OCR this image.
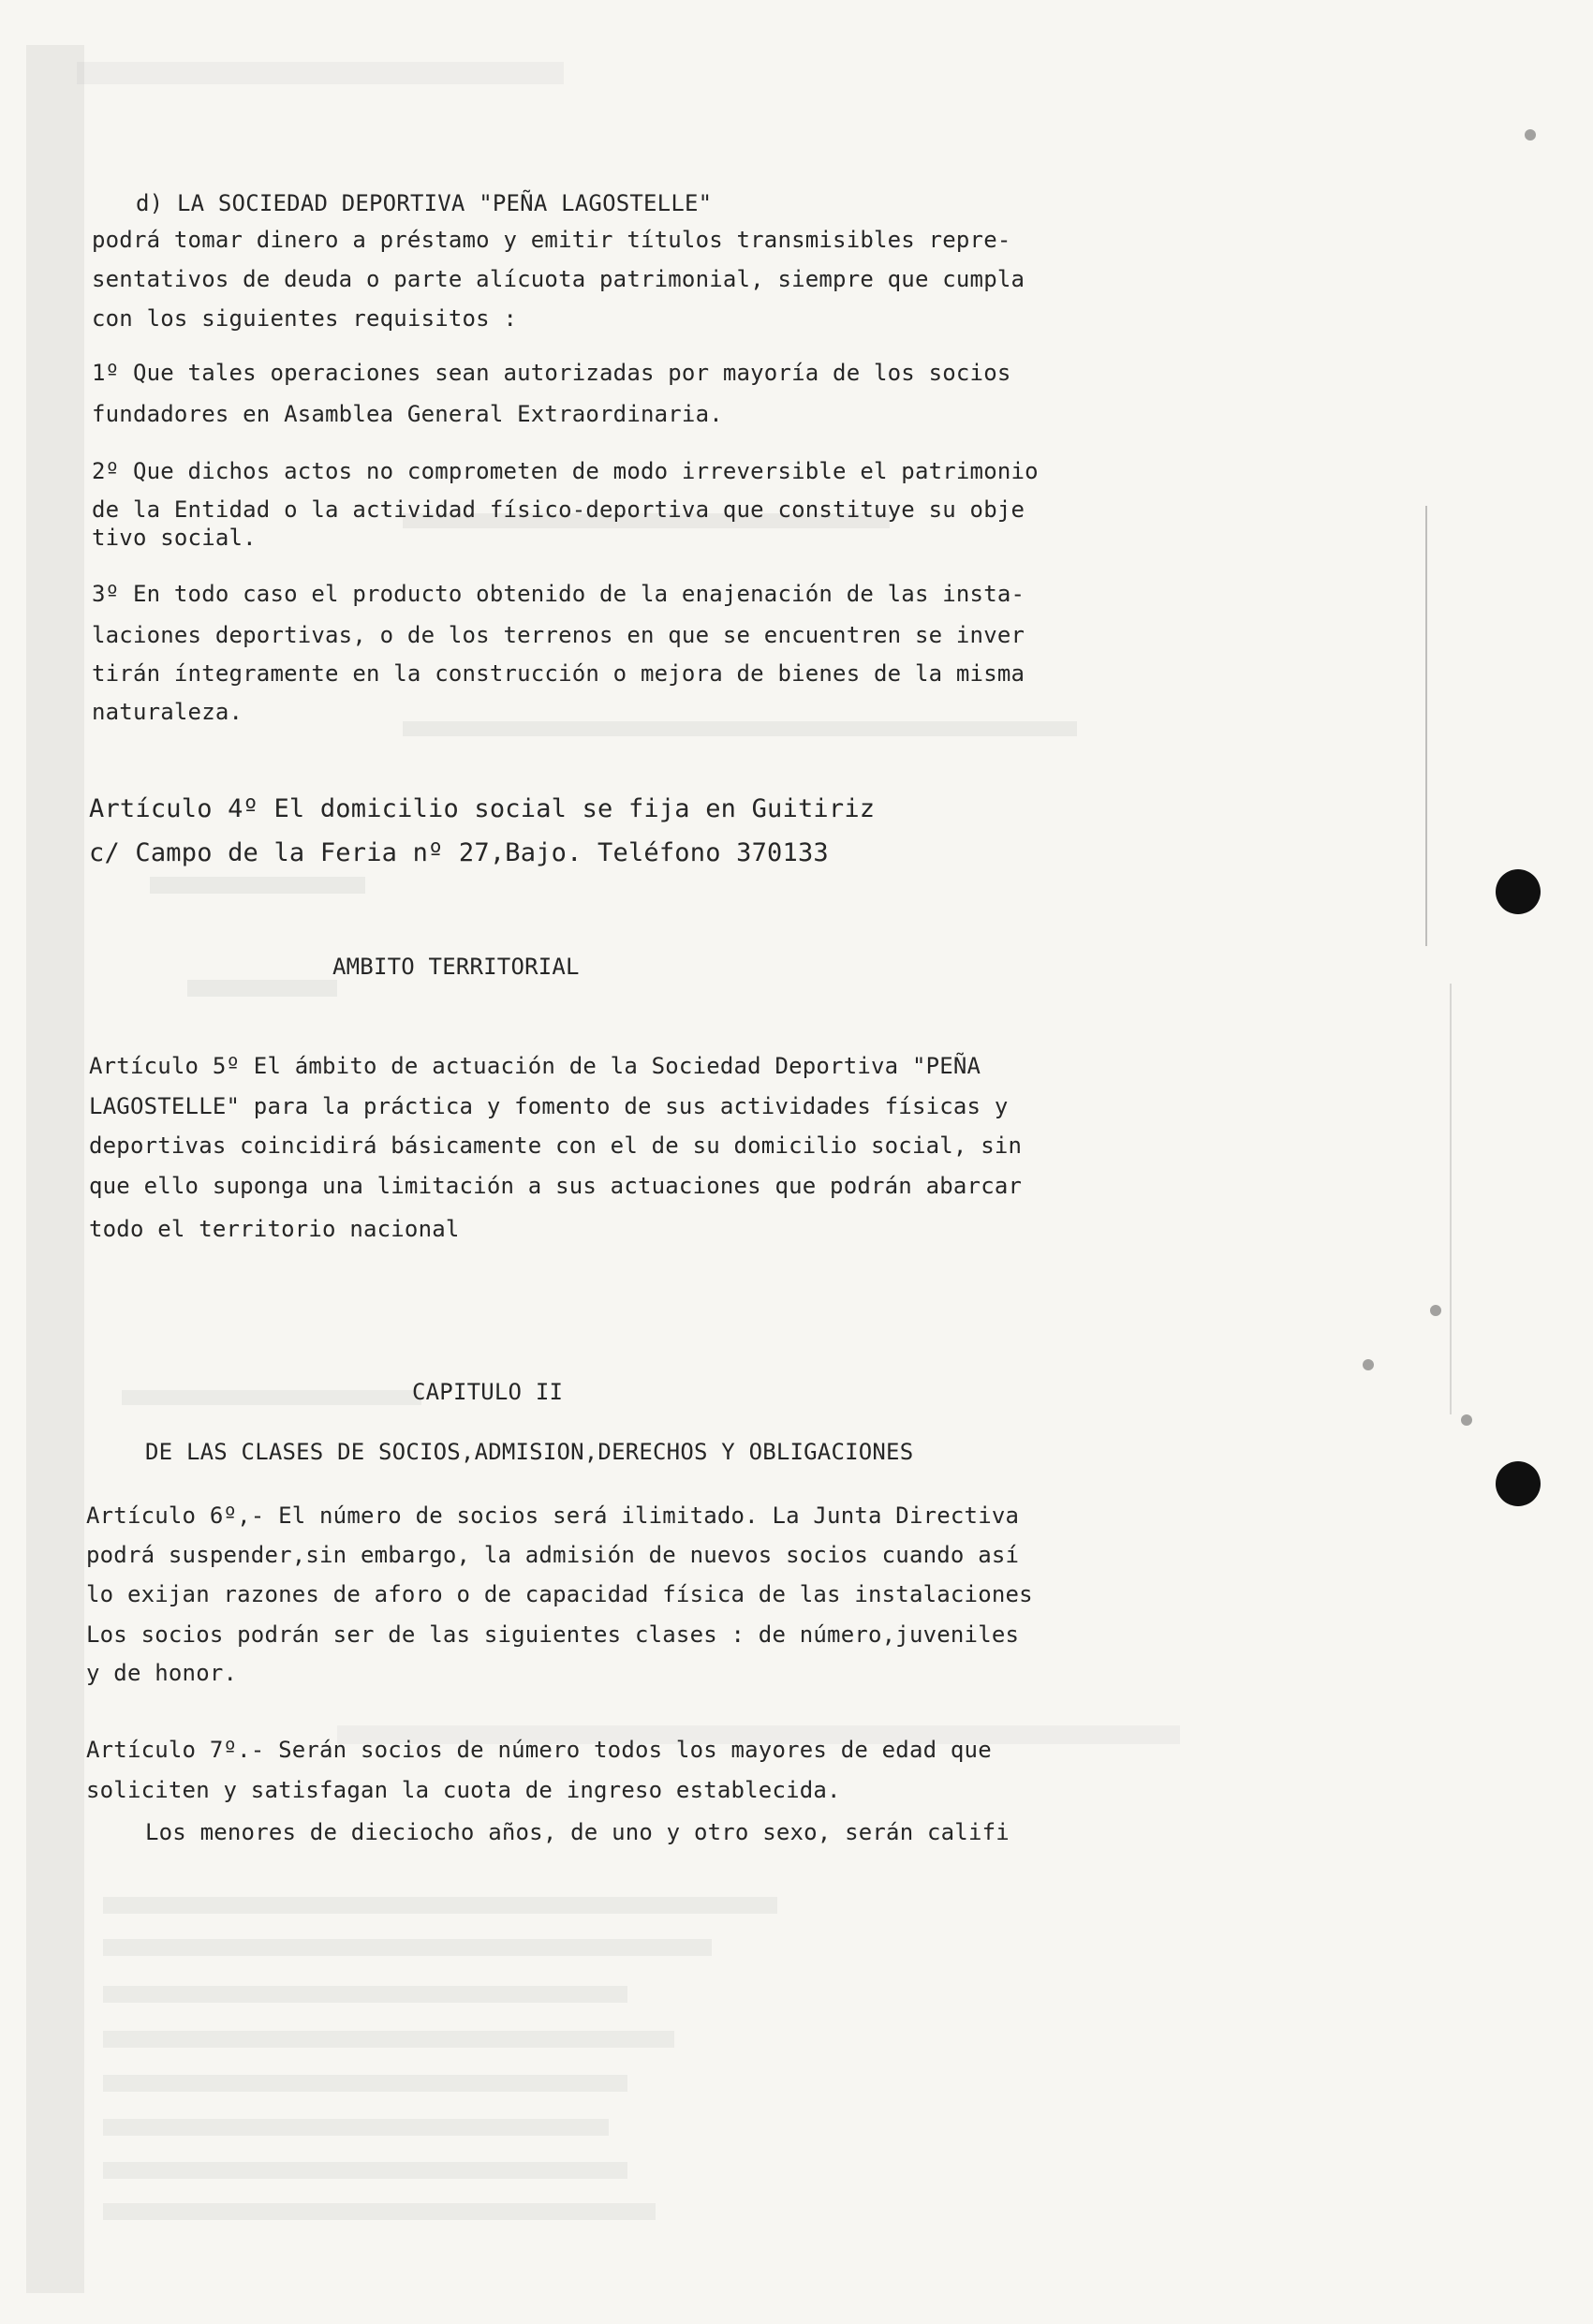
d) LA SOCIEDAD DEPORTIVA "PEÑA LAGOSTELLE"
podrá tomar dinero a préstamo y emitir títulos transmisibles repre-
sentativos de deuda o parte alícuota patrimonial, siempre que cumpla
con los siguientes requisitos :
1º Que tales operaciones sean autorizadas por mayoría de los socios
fundadores en Asamblea General Extraordinaria.
2º Que dichos actos no comprometen de modo irreversible el patrimonio
de la Entidad o la actividad físico-deportiva que constituye su obje
tivo social.
3º En todo caso el producto obtenido de la enajenación de las insta-
laciones deportivas, o de los terrenos en que se encuentren se inver
tirán íntegramente en la construcción o mejora de bienes de la misma
naturaleza.
Artículo 4º El domicilio social se fija en Guitiriz
c/ Campo de la Feria nº 27,Bajo. Teléfono 370133
AMBITO TERRITORIAL
Artículo 5º El ámbito de actuación de la Sociedad Deportiva "PEÑA
LAGOSTELLE" para la práctica y fomento de sus actividades físicas y
deportivas coincidirá básicamente con el de su domicilio social, sin
que ello suponga una limitación a sus actuaciones que podrán abarcar
todo el territorio nacional
CAPITULO II
DE LAS CLASES DE SOCIOS,ADMISION,DERECHOS Y OBLIGACIONES
Artículo 6º,- El número de socios será ilimitado. La Junta Directiva
podrá suspender,sin embargo, la admisión de nuevos socios cuando así
lo exijan razones de aforo o de capacidad física de las instalaciones
Los socios podrán ser de las siguientes clases : de número,juveniles
y de honor.
Artículo 7º.- Serán socios de número todos los mayores de edad que
soliciten y satisfagan la cuota de ingreso establecida.
Los menores de dieciocho años, de uno y otro sexo, serán califi
